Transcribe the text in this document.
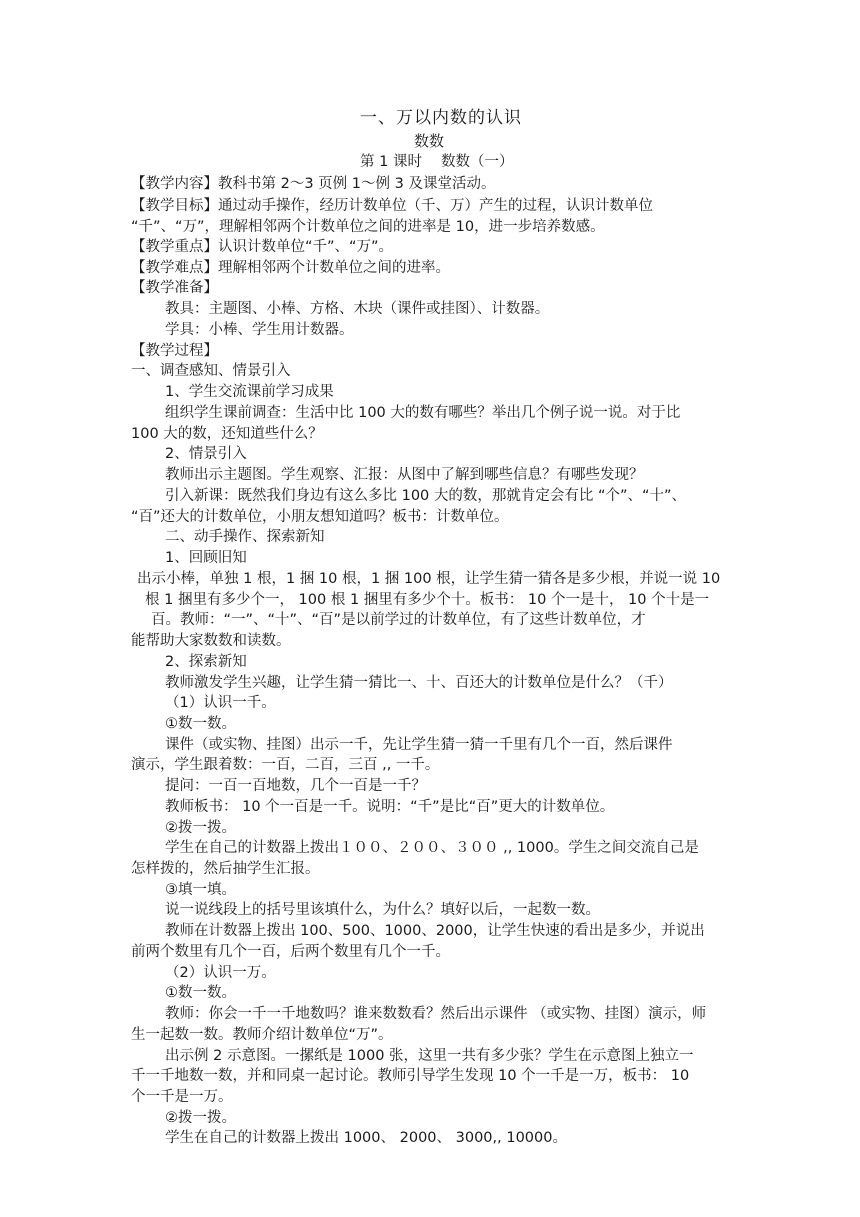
一、万以内数的认识
数数
第 1 课时　 数数（一）
【教学内容】教科书第 2～3 页例 1～例 3 及课堂活动。
【教学目标】通过动手操作，经历计数单位（千、万）产生的过程，认识计数单位
“千”、“万”，理解相邻两个计数单位之间的进率是 10，进一步培养数感。
【教学重点】认识计数单位“千”、“万”。
【教学难点】理解相邻两个计数单位之间的进率。
【教学准备】
教具：主题图、小棒、方格、木块（课件或挂图）、计数器。
学具：小棒、学生用计数器。
【教学过程】
一、调查感知、情景引入
1、学生交流课前学习成果
组织学生课前调查：生活中比 100 大的数有哪些？举出几个例子说一说。对于比
100 大的数，还知道些什么？
2、情景引入
教师出示主题图。学生观察、汇报：从图中了解到哪些信息？有哪些发现？
引入新课：既然我们身边有这么多比 100 大的数，那就肯定会有比 “个”、“十”、
“百”还大的计数单位，小朋友想知道吗？板书：计数单位。
二、动手操作、探索新知
1、回顾旧知
出示小棒，单独 1 根，1 捆 10 根，1 捆 100 根，让学生猜一猜各是多少根，并说一说 10
根 1 捆里有多少个一， 100 根 1 捆里有多少个十。板书： 10 个一是十， 10 个十是一
百。教师：“一”、“十”、“百”是以前学过的计数单位，有了这些计数单位，才
能帮助大家数数和读数。
2、探索新知
教师激发学生兴趣，让学生猜一猜比一、十、百还大的计数单位是什么？（千）
（1）认识一千。
①数一数。
课件（或实物、挂图）出示一千，先让学生猜一猜一千里有几个一百，然后课件
演示，学生跟着数：一百，二百，三百 ,, 一千。
提问：一百一百地数，几个一百是一千？
教师板书： 10 个一百是一千。说明：“千”是比“百”更大的计数单位。
②拨一拨。
学生在自己的计数器上拨出１００、２００、３００ ,, 1000。学生之间交流自己是
怎样拨的，然后抽学生汇报。
③填一填。
说一说线段上的括号里该填什么，为什么？填好以后，一起数一数。
教师在计数器上拨出 100、500、1000、2000，让学生快速的看出是多少，并说出
前两个数里有几个一百，后两个数里有几个一千。
（2）认识一万。
①数一数。
教师：你会一千一千地数吗？谁来数数看？然后出示课件 （或实物、挂图）演示，师
生一起数一数。教师介绍计数单位“万”。
出示例 2 示意图。一摞纸是 1000 张，这里一共有多少张？学生在示意图上独立一
千一千地数一数，并和同桌一起讨论。教师引导学生发现 10 个一千是一万，板书： 10
个一千是一万。
②拨一拨。
学生在自己的计数器上拨出 1000、 2000、 3000,, 10000。
